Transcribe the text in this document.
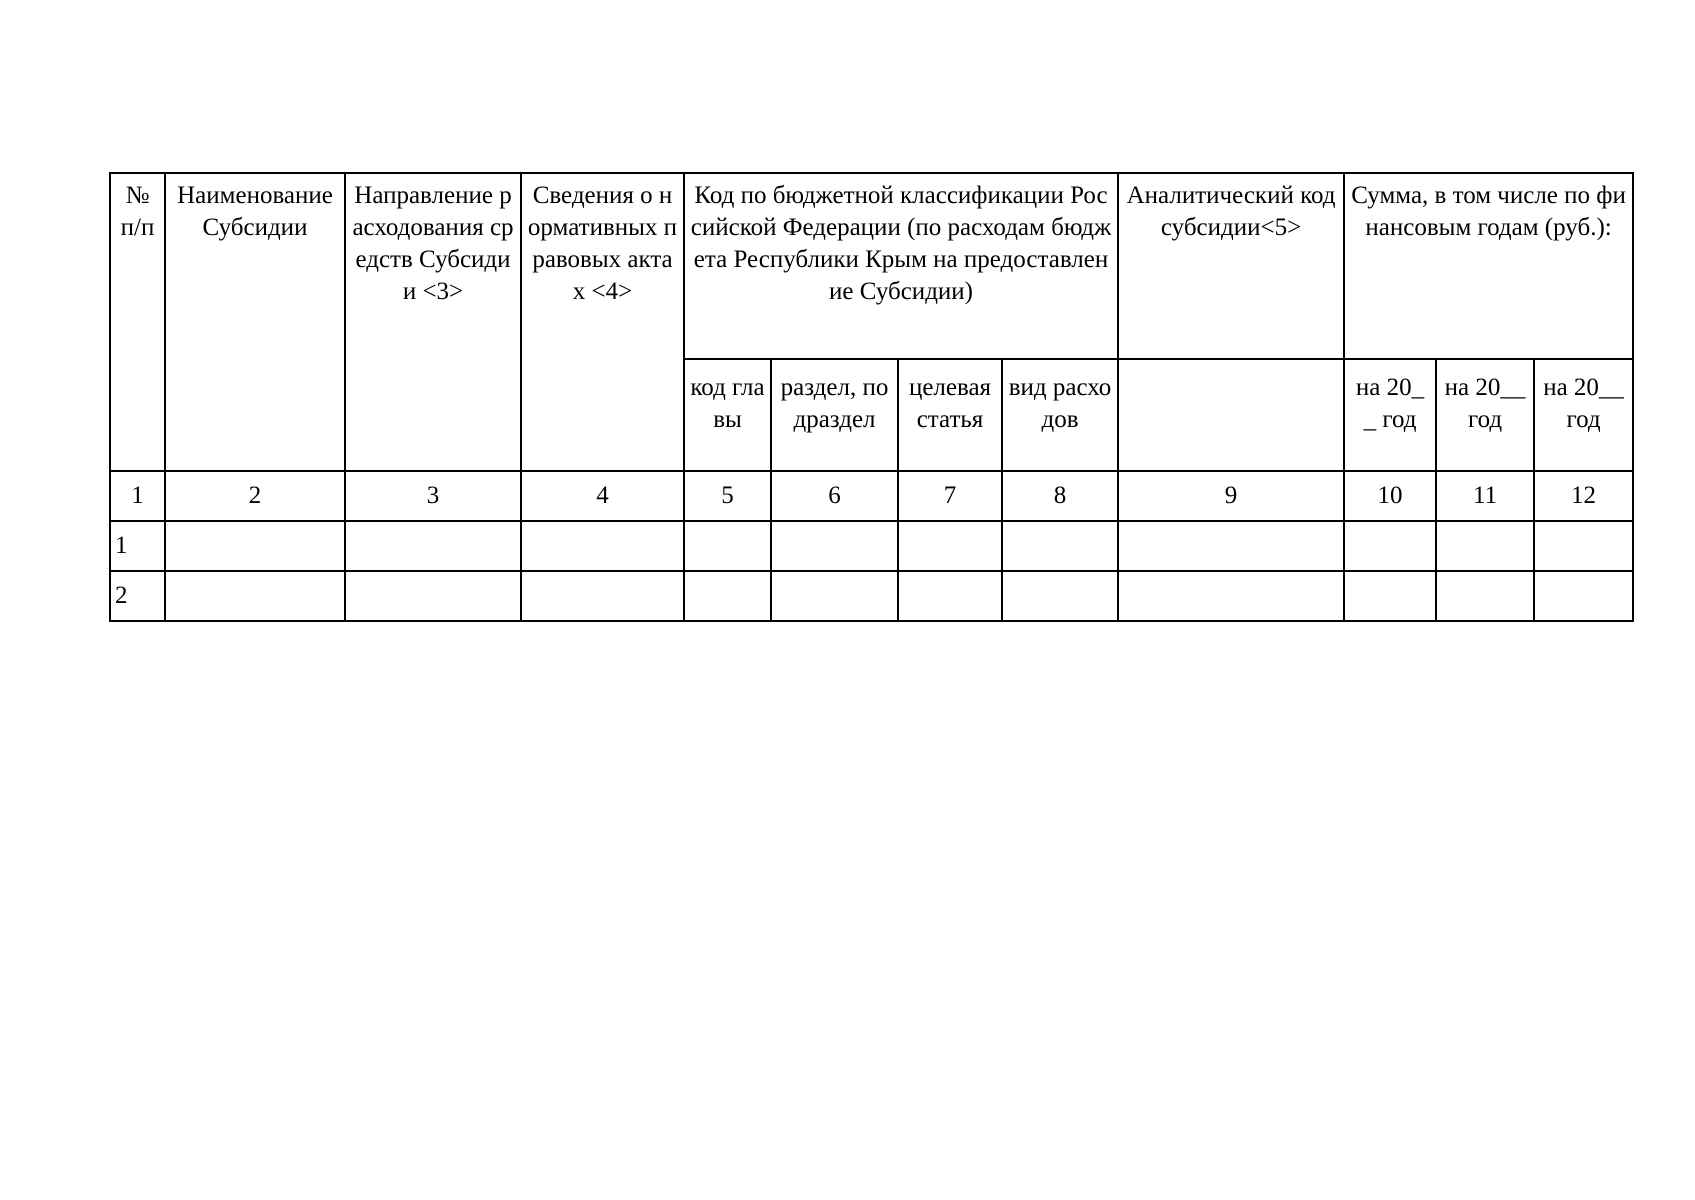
№ п/п	Наименование Субсидии	Направление расходования средств Субсидии <3>	Сведения о нормативных правовых актах <4>	Код по бюджетной классификации Российской Федерации (по расходам бюджета Республики Крым на предоставление Субсидии)				Аналитический код субсидии<5>	Сумма, в том числе по финансовым годам (руб.):		
				код главы	раздел, подраздел	целевая статья	вид расходов		на 20__ год	на 20__ год	на 20__ год
1	2	3	4	5	6	7	8	9	10	11	12
1											
2											
